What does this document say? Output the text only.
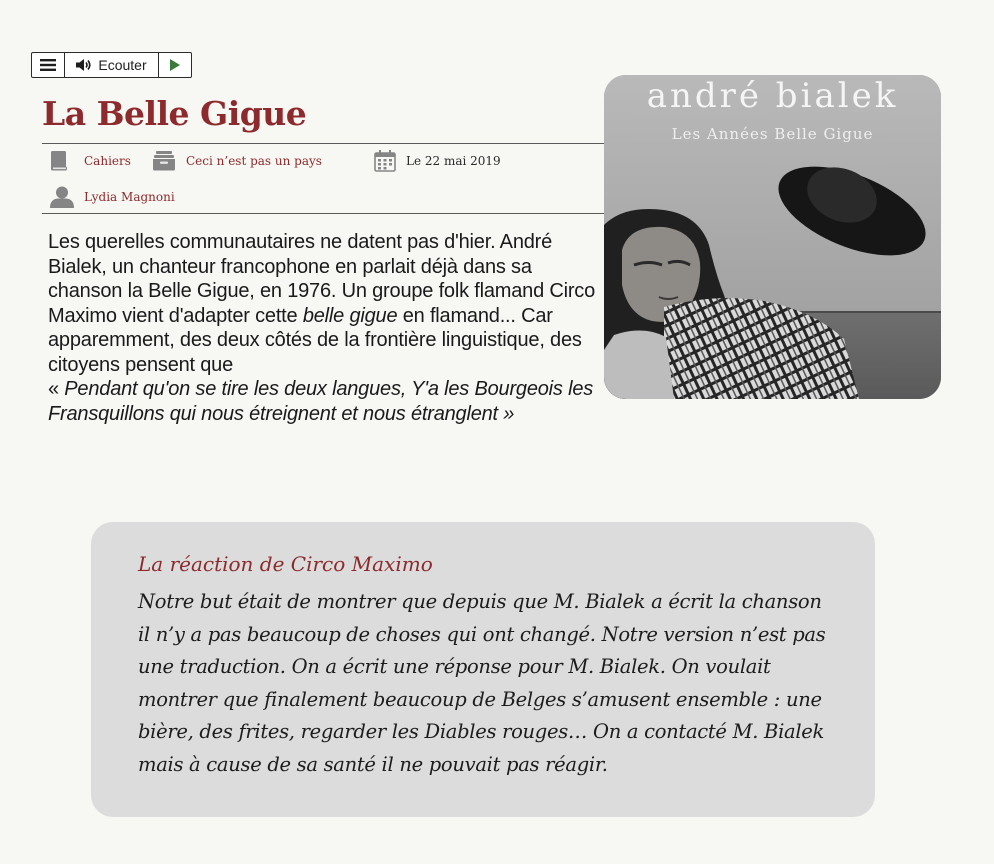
Ecouter
La Belle Gigue
Cahiers	Ceci n’est pas un pays	Le 22 mai 2019
Lydia Magnoni
andré bialek
Les Années Belle Gigue

Les querelles communautaires ne datent pas d'hier. André Bialek, un chanteur francophone en parlait déjà dans sa chanson la Belle Gigue, en 1976. Un groupe folk flamand Circo Maximo vient d'adapter cette belle gigue en flamand... Car apparemment, des deux côtés de la frontière linguistique, des citoyens pensent que
« Pendant qu'on se tire les deux langues, Y'a les Bourgeois les Fransquillons qui nous étreignent et nous étranglent »

La réaction de Circo Maximo

Notre but était de montrer que depuis que M. Bialek a écrit la chanson il n’y a pas beaucoup de choses qui ont changé. Notre version n’est pas une traduction. On a écrit une réponse pour M. Bialek. On voulait montrer que finalement beaucoup de Belges s’amusent ensemble : une bière, des frites, regarder les Diables rouges… On a contacté M. Bialek mais à cause de sa santé il ne pouvait pas réagir.
